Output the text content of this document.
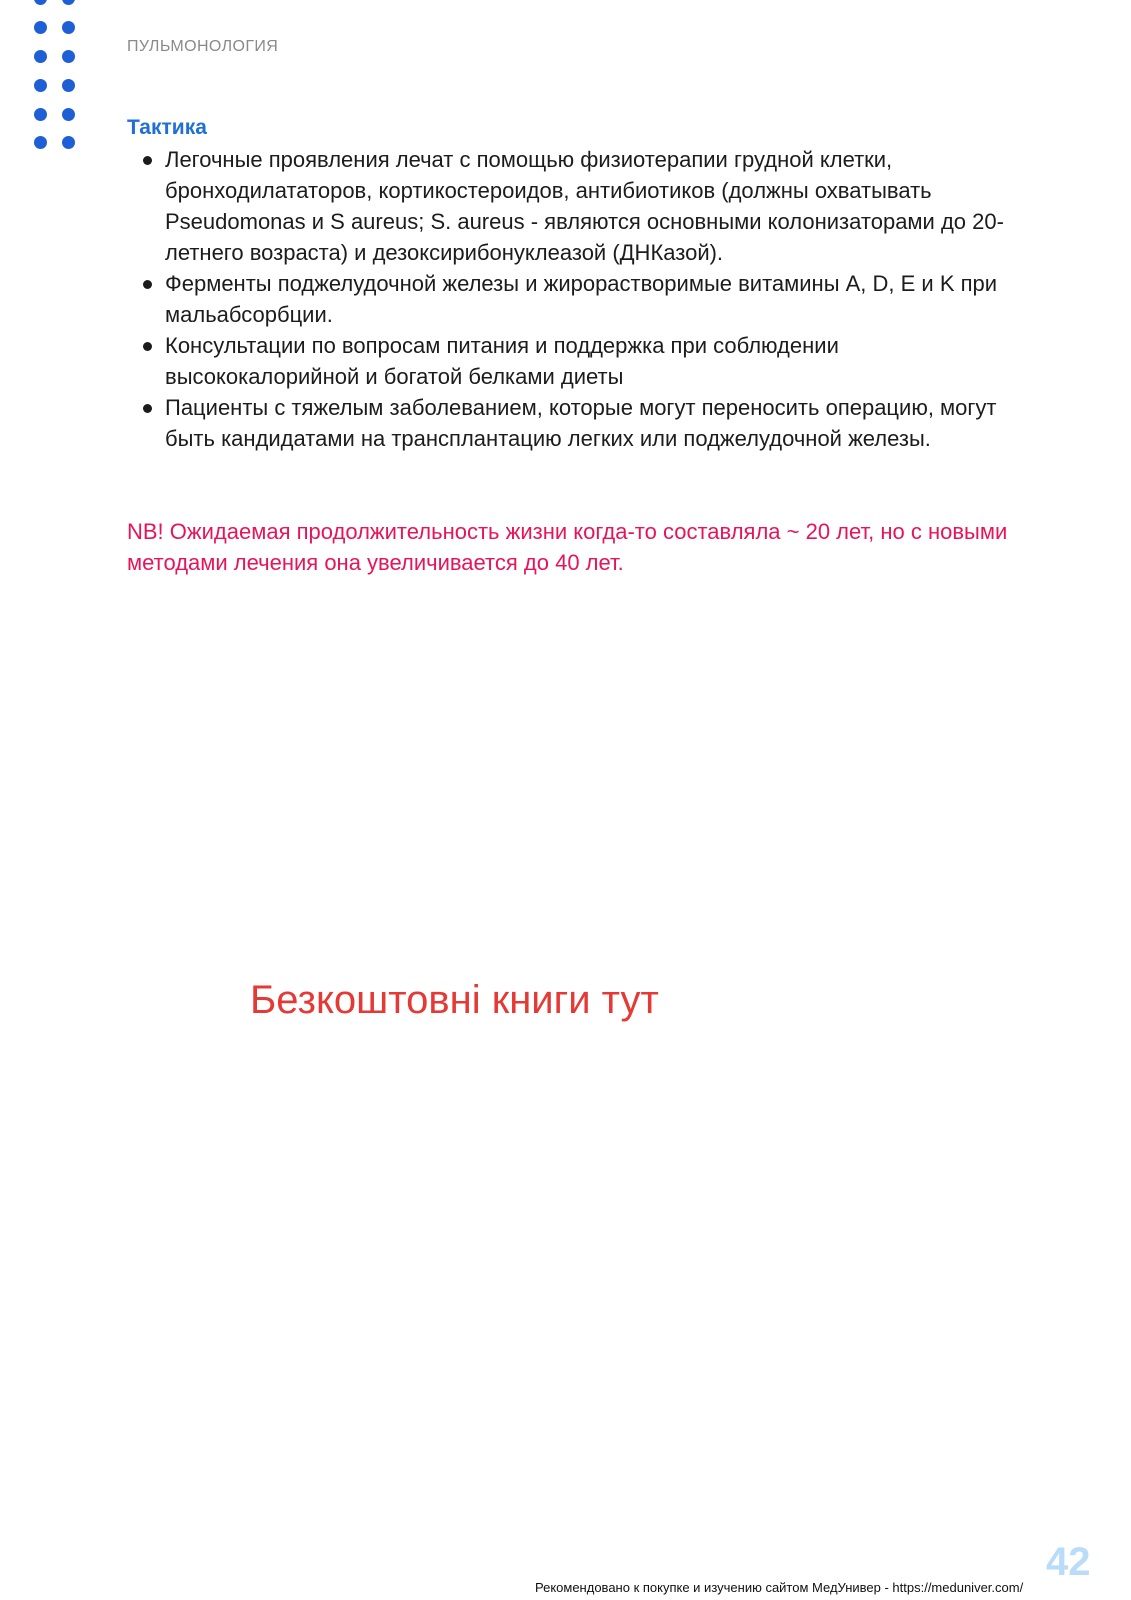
ПУЛЬМОНОЛОГИЯ
Тактика
Легочные проявления лечат с помощью физиотерапии грудной клетки, бронходилататоров, кортикостероидов, антибиотиков (должны охватывать Pseudomonas и S aureus; S. aureus - являются основными колонизаторами до 20-летнего возраста) и дезоксирибонуклеазой (ДНКазой).
Ферменты поджелудочной железы и жирорастворимые витамины A, D, E и K при мальабсорбции.
Консультации по вопросам питания и поддержка при соблюдении высококалорийной и богатой белками диеты
Пациенты с тяжелым заболеванием, которые могут переносить операцию, могут быть кандидатами на трансплантацию легких или поджелудочной железы.
NB! Ожидаемая продолжительность жизни когда-то составляла ~ 20 лет, но с новыми методами лечения она увеличивается до 40 лет.
Безкоштовні книги тут
42
Рекомендовано к покупке и изучению сайтом МедУнивер - https://meduniver.com/
